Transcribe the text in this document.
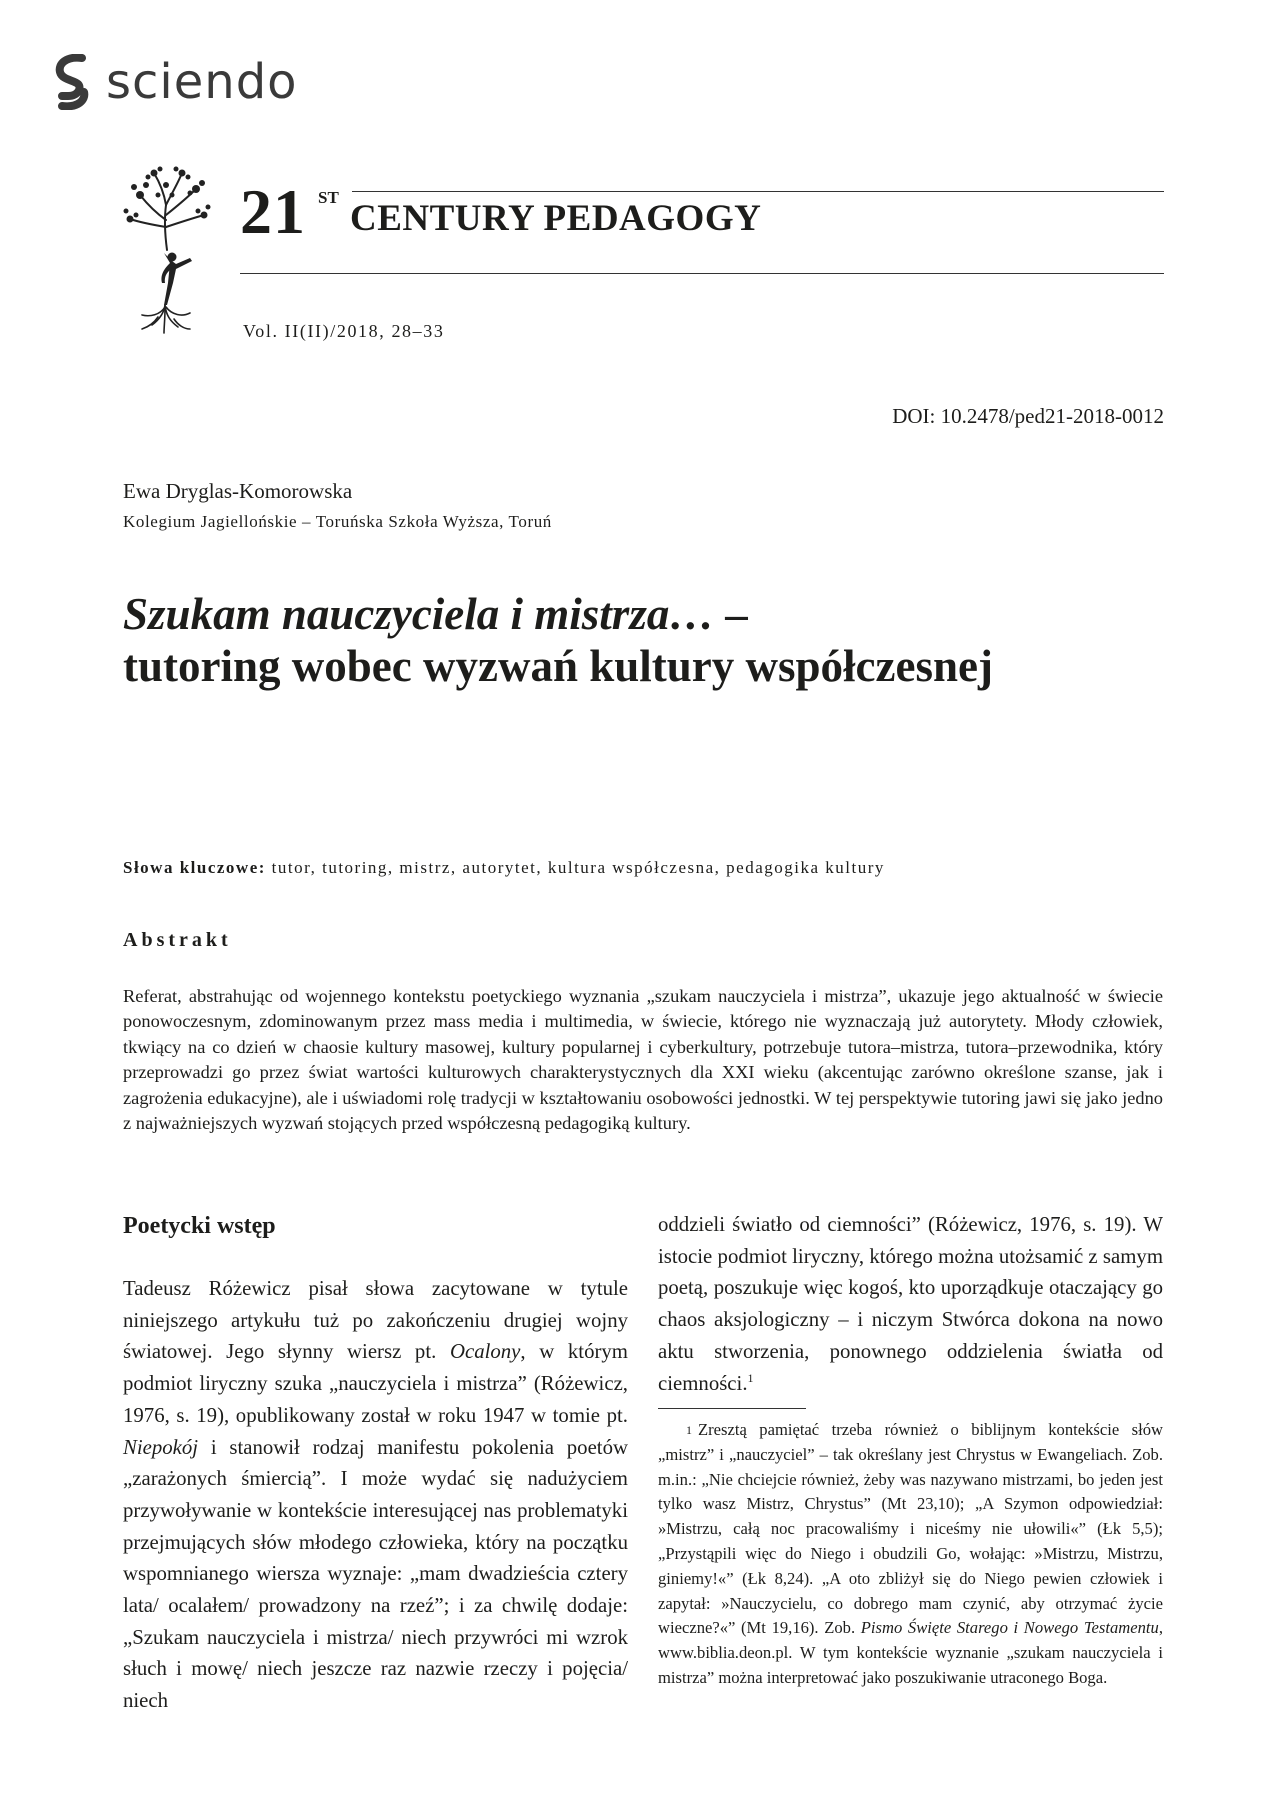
sciendo
21 ST
CENTURY PEDAGOGY
Vol. II(II)/2018, 28–33
DOI: 10.2478/ped21-2018-0012
Ewa Dryglas-Komorowska
Kolegium Jagiellońskie – Toruńska Szkoła Wyższa, Toruń
Szukam nauczyciela i mistrza… –
tutoring wobec wyzwań kultury współczesnej
Słowa kluczowe: tutor, tutoring, mistrz, autorytet, kultura współczesna, pedagogika kultury
Abstrakt

Referat, abstrahując od wojennego kontekstu poetyckiego wyznania „szukam nauczyciela i mistrza”, ukazuje jego aktualność w świecie ponowoczesnym, zdominowanym przez mass media i multimedia, w świecie, którego nie wyznaczają już autorytety. Młody człowiek, tkwiący na co dzień w chaosie kultury masowej, kultury popularnej i cyberkultury, potrzebuje tutora–mistrza, tutora–przewodnika, który przeprowadzi go przez świat wartości kulturowych charakterystycznych dla XXI wieku (akcentując zarówno określone szanse, jak i zagrożenia edukacyjne), ale i uświadomi rolę tradycji w kształtowaniu osobowości jednostki. W tej perspektywie tutoring jawi się jako jedno z najważniejszych wyzwań stojących przed współczesną pedagogiką kultury.

Poetycki wstęp

Tadeusz Różewicz pisał słowa zacytowane w tytule niniejszego artykułu tuż po zakończeniu drugiej wojny światowej. Jego słynny wiersz pt. Ocalony, w którym podmiot liryczny szuka „nauczyciela i mistrza” (Różewicz, 1976, s. 19), opublikowany został w roku 1947 w tomie pt. Niepokój i stanowił rodzaj manifestu pokolenia poetów „zarażonych śmiercią”. I może wydać się nadużyciem przywoływanie w kontekście interesującej nas problematyki przejmujących słów młodego człowieka, który na początku wspomnianego wiersza wyznaje: „mam dwadzieścia cztery lata/ ocalałem/ prowadzony na rzeź”; i za chwilę dodaje: „Szukam nauczyciela i mistrza/ niech przywróci mi wzrok słuch i mowę/ niech jeszcze raz nazwie rzeczy i pojęcia/ niech

oddzieli światło od ciemności” (Różewicz, 1976, s. 19). W istocie podmiot liryczny, którego można utożsamić z samym poetą, poszukuje więc kogoś, kto uporządkuje otaczający go chaos aksjologiczny – i niczym Stwórca dokona na nowo aktu stworzenia, ponownego oddzielenia światła od ciemności.$^1$

$^1$ Zresztą pamiętać trzeba również o biblijnym kontekście słów „mistrz” i „nauczyciel” – tak określany jest Chrystus w Ewangeliach. Zob. m.in.: „Nie chciejcie również, żeby was nazywano mistrzami, bo jeden jest tylko wasz Mistrz, Chrystus” (Mt 23,10); „A Szymon odpowiedział: »Mistrzu, całą noc pracowaliśmy i niceśmy nie ułowili«” (Łk 5,5); „Przystąpili więc do Niego i obudzili Go, wołając: »Mistrzu, Mistrzu, giniemy!«” (Łk 8,24). „A oto zbliżył się do Niego pewien człowiek i zapytał: »Nauczycielu, co dobrego mam czynić, aby otrzymać życie wieczne?«” (Mt 19,16). Zob. Pismo Święte Starego i Nowego Testamentu, www.biblia.deon.pl. W tym kontekście wyznanie „szukam nauczyciela i mistrza” można interpretować jako poszukiwanie utraconego Boga.
